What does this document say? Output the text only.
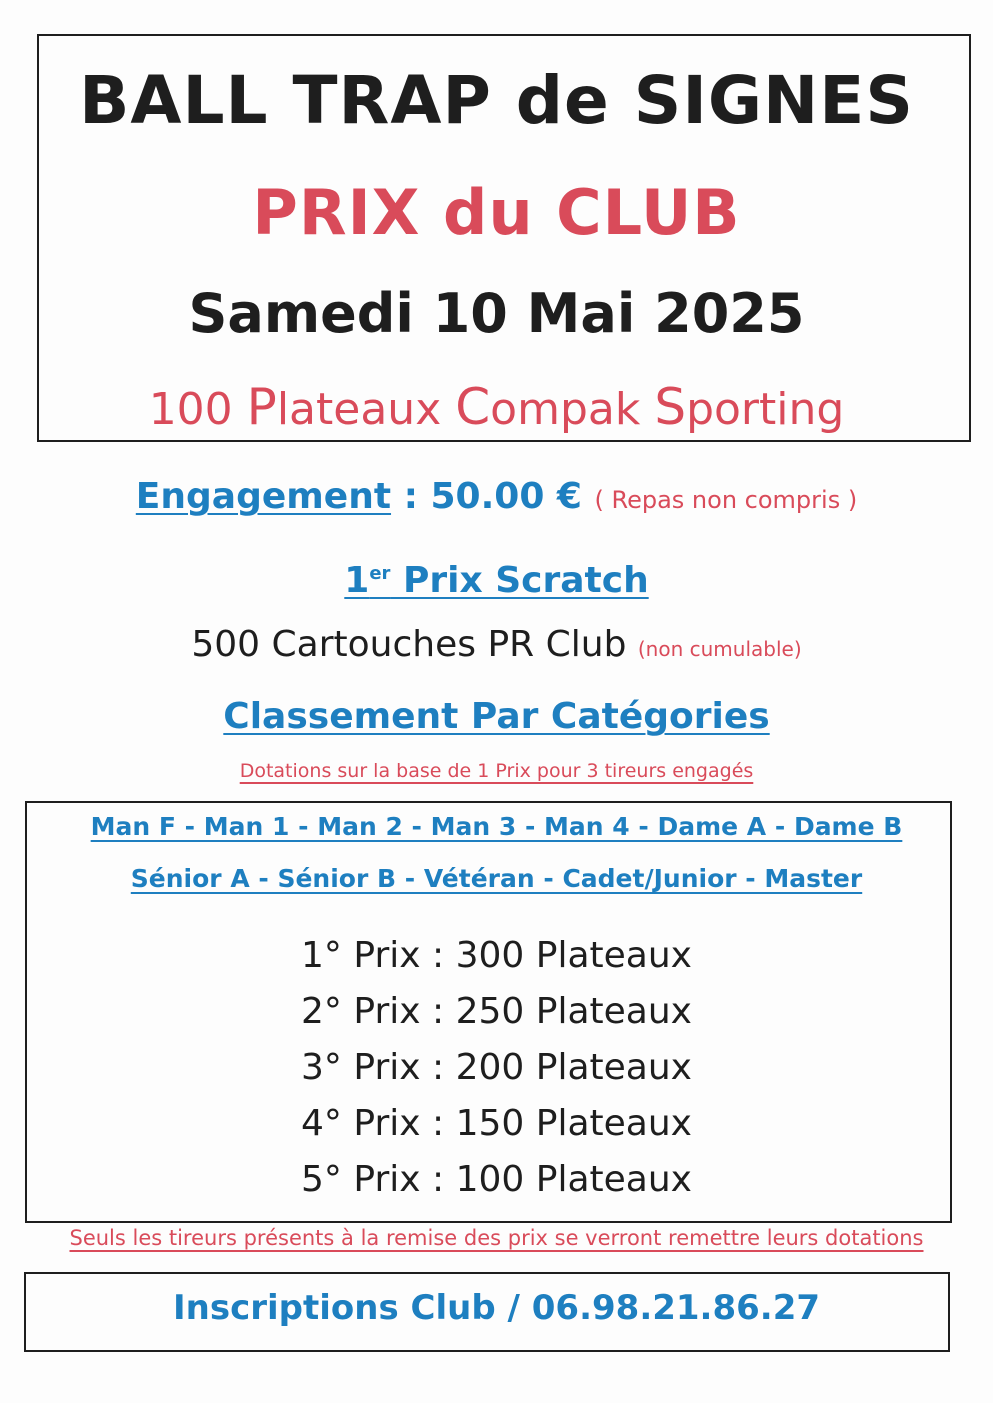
BALL TRAP de SIGNES
PRIX du CLUB
Samedi 10 Mai 2025
100 Plateaux Compak Sporting
Engagement : 50.00 € ( Repas non compris )
1er Prix Scratch
500 Cartouches PR Club (non cumulable)
Classement Par Catégories
Dotations sur la base de 1 Prix pour 3 tireurs engagés
Man F - Man 1 - Man 2 - Man 3 - Man 4 - Dame A - Dame B
Sénior A - Sénior B - Vétéran - Cadet/Junior - Master
1° Prix : 300 Plateaux
2° Prix : 250 Plateaux
3° Prix : 200 Plateaux
4° Prix : 150 Plateaux
5° Prix : 100 Plateaux
Seuls les tireurs présents à la remise des prix se verront remettre leurs dotations
Inscriptions Club / 06.98.21.86.27
